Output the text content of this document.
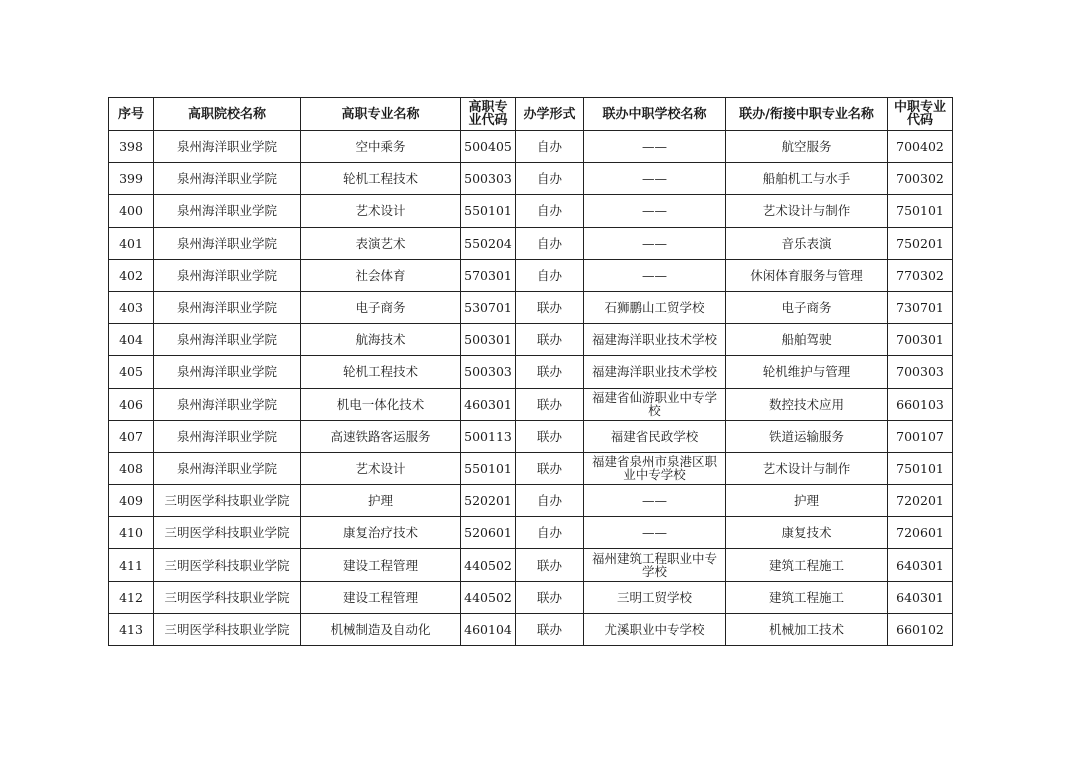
序号	高职院校名称	高职专业名称	高职专业代码	办学形式	联办中职学校名称	联办/衔接中职专业名称	中职专业代码
398	泉州海洋职业学院	空中乘务	500405	自办	——	航空服务	700402
399	泉州海洋职业学院	轮机工程技术	500303	自办	——	船舶机工与水手	700302
400	泉州海洋职业学院	艺术设计	550101	自办	——	艺术设计与制作	750101
401	泉州海洋职业学院	表演艺术	550204	自办	——	音乐表演	750201
402	泉州海洋职业学院	社会体育	570301	自办	——	休闲体育服务与管理	770302
403	泉州海洋职业学院	电子商务	530701	联办	石狮鹏山工贸学校	电子商务	730701
404	泉州海洋职业学院	航海技术	500301	联办	福建海洋职业技术学校	船舶驾驶	700301
405	泉州海洋职业学院	轮机工程技术	500303	联办	福建海洋职业技术学校	轮机维护与管理	700303
406	泉州海洋职业学院	机电一体化技术	460301	联办	福建省仙游职业中专学校	数控技术应用	660103
407	泉州海洋职业学院	高速铁路客运服务	500113	联办	福建省民政学校	铁道运输服务	700107
408	泉州海洋职业学院	艺术设计	550101	联办	福建省泉州市泉港区职业中专学校	艺术设计与制作	750101
409	三明医学科技职业学院	护理	520201	自办	——	护理	720201
410	三明医学科技职业学院	康复治疗技术	520601	自办	——	康复技术	720601
411	三明医学科技职业学院	建设工程管理	440502	联办	福州建筑工程职业中专学校	建筑工程施工	640301
412	三明医学科技职业学院	建设工程管理	440502	联办	三明工贸学校	建筑工程施工	640301
413	三明医学科技职业学院	机械制造及自动化	460104	联办	尤溪职业中专学校	机械加工技术	660102
